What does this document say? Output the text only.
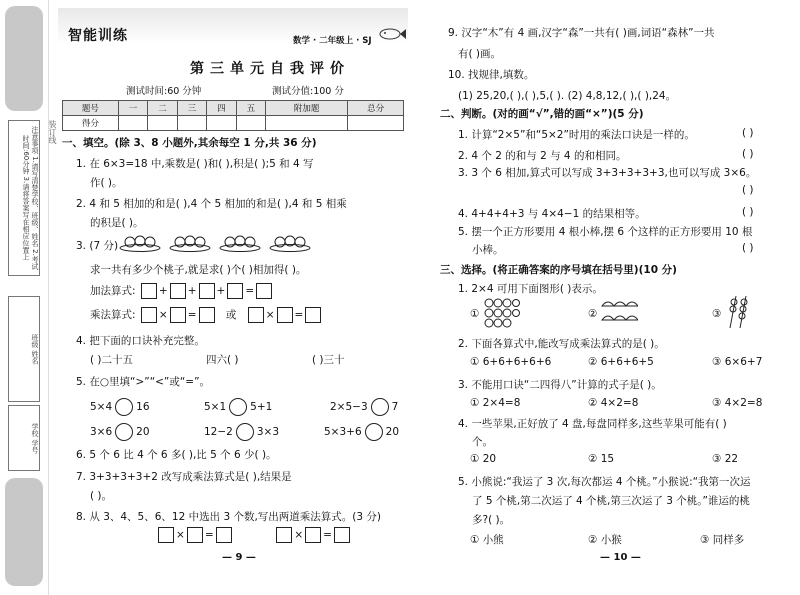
注意事项 1.请写清楚学校、班级、姓名 2.考试时间:60分钟 3.请将答案写在相应位置上
班级 姓名
学校 学号
装订线
智能训练	数学 · 二年级上 · SJ
第三单元自我评价
测试时间:60 分钟	测试分值:100 分
题号	一	二	三	四	五	附加题	总分
得分							
一、填空。(除 3、8 小题外,其余每空 1 分,共 36 分)
1. 在 6×3=18 中,乘数是( )和( ),积是( );5 和 4 写
作( )。
2. 4 和 5 相加的和是( ),4 个 5 相加的和是( ),4 和 5 相乘
的积是( )。
3. (7 分)
求一共有多少个桃子,就是求( )个( )相加得( )。
加法算式: + + + =
乘法算式: × =	或	× =
4. 把下面的口诀补充完整。
( )二十五	四六( )	( )三十
5. 在○里填“>”“<”或“=”。
5×4 16	5×1 5+1	2×5−3 7
3×6 20	12−2 3×3	5×3+6 20
6. 5 个 6 比 4 个 6 多( ),比 5 个 6 少( )。
7. 3+3+3+3+2 改写成乘法算式是( ),结果是
( )。
8. 从 3、4、5、6、12 中选出 3 个数,写出两道乘法算式。(3 分)
× =	× =
— 9 —
9. 汉字“木”有 4 画,汉字“森”一共有( )画,词语“森林”一共
有( )画。
10. 找规律,填数。
(1) 25,20,( ),( ),5,( ). (2) 4,8,12,( ),( ),24。
二、判断。(对的画“√”,错的画“×”)(5 分)
1. 计算“2×5”和“5×2”时用的乘法口诀是一样的。	( )
2. 4 个 2 的和与 2 与 4 的和相同。	( )
3. 3 个 6 相加,算式可以写成 3+3+3+3+3,也可以写成 3×6。
( )
4. 4+4+4+3 与 4×4−1 的结果相等。	( )
5. 摆一个正方形要用 4 根小棒,摆 6 个这样的正方形要用 10 根
小棒。	( )
三、选择。(将正确答案的序号填在括号里)(10 分)
1. 2×4 可用下面图形( )表示。
①	②	③
2. 下面各算式中,能改写成乘法算式的是( )。
① 6+6+6+6+6	② 6+6+6+5	③ 6×6+7
3. 不能用口诀“二四得八”计算的式子是( )。
① 2×4=8	② 4×2=8	③ 4×2=8
4. 一些苹果,正好放了 4 盘,每盘同样多,这些苹果可能有( )
个。
① 20	② 15	③ 22
5. 小熊说:“我运了 3 次,每次都运 4 个桃。”小猴说:“我第一次运
了 5 个桃,第二次运了 4 个桃,第三次运了 3 个桃。”谁运的桃
多?( )。
① 小熊	② 小猴	③ 同样多
— 10 —
